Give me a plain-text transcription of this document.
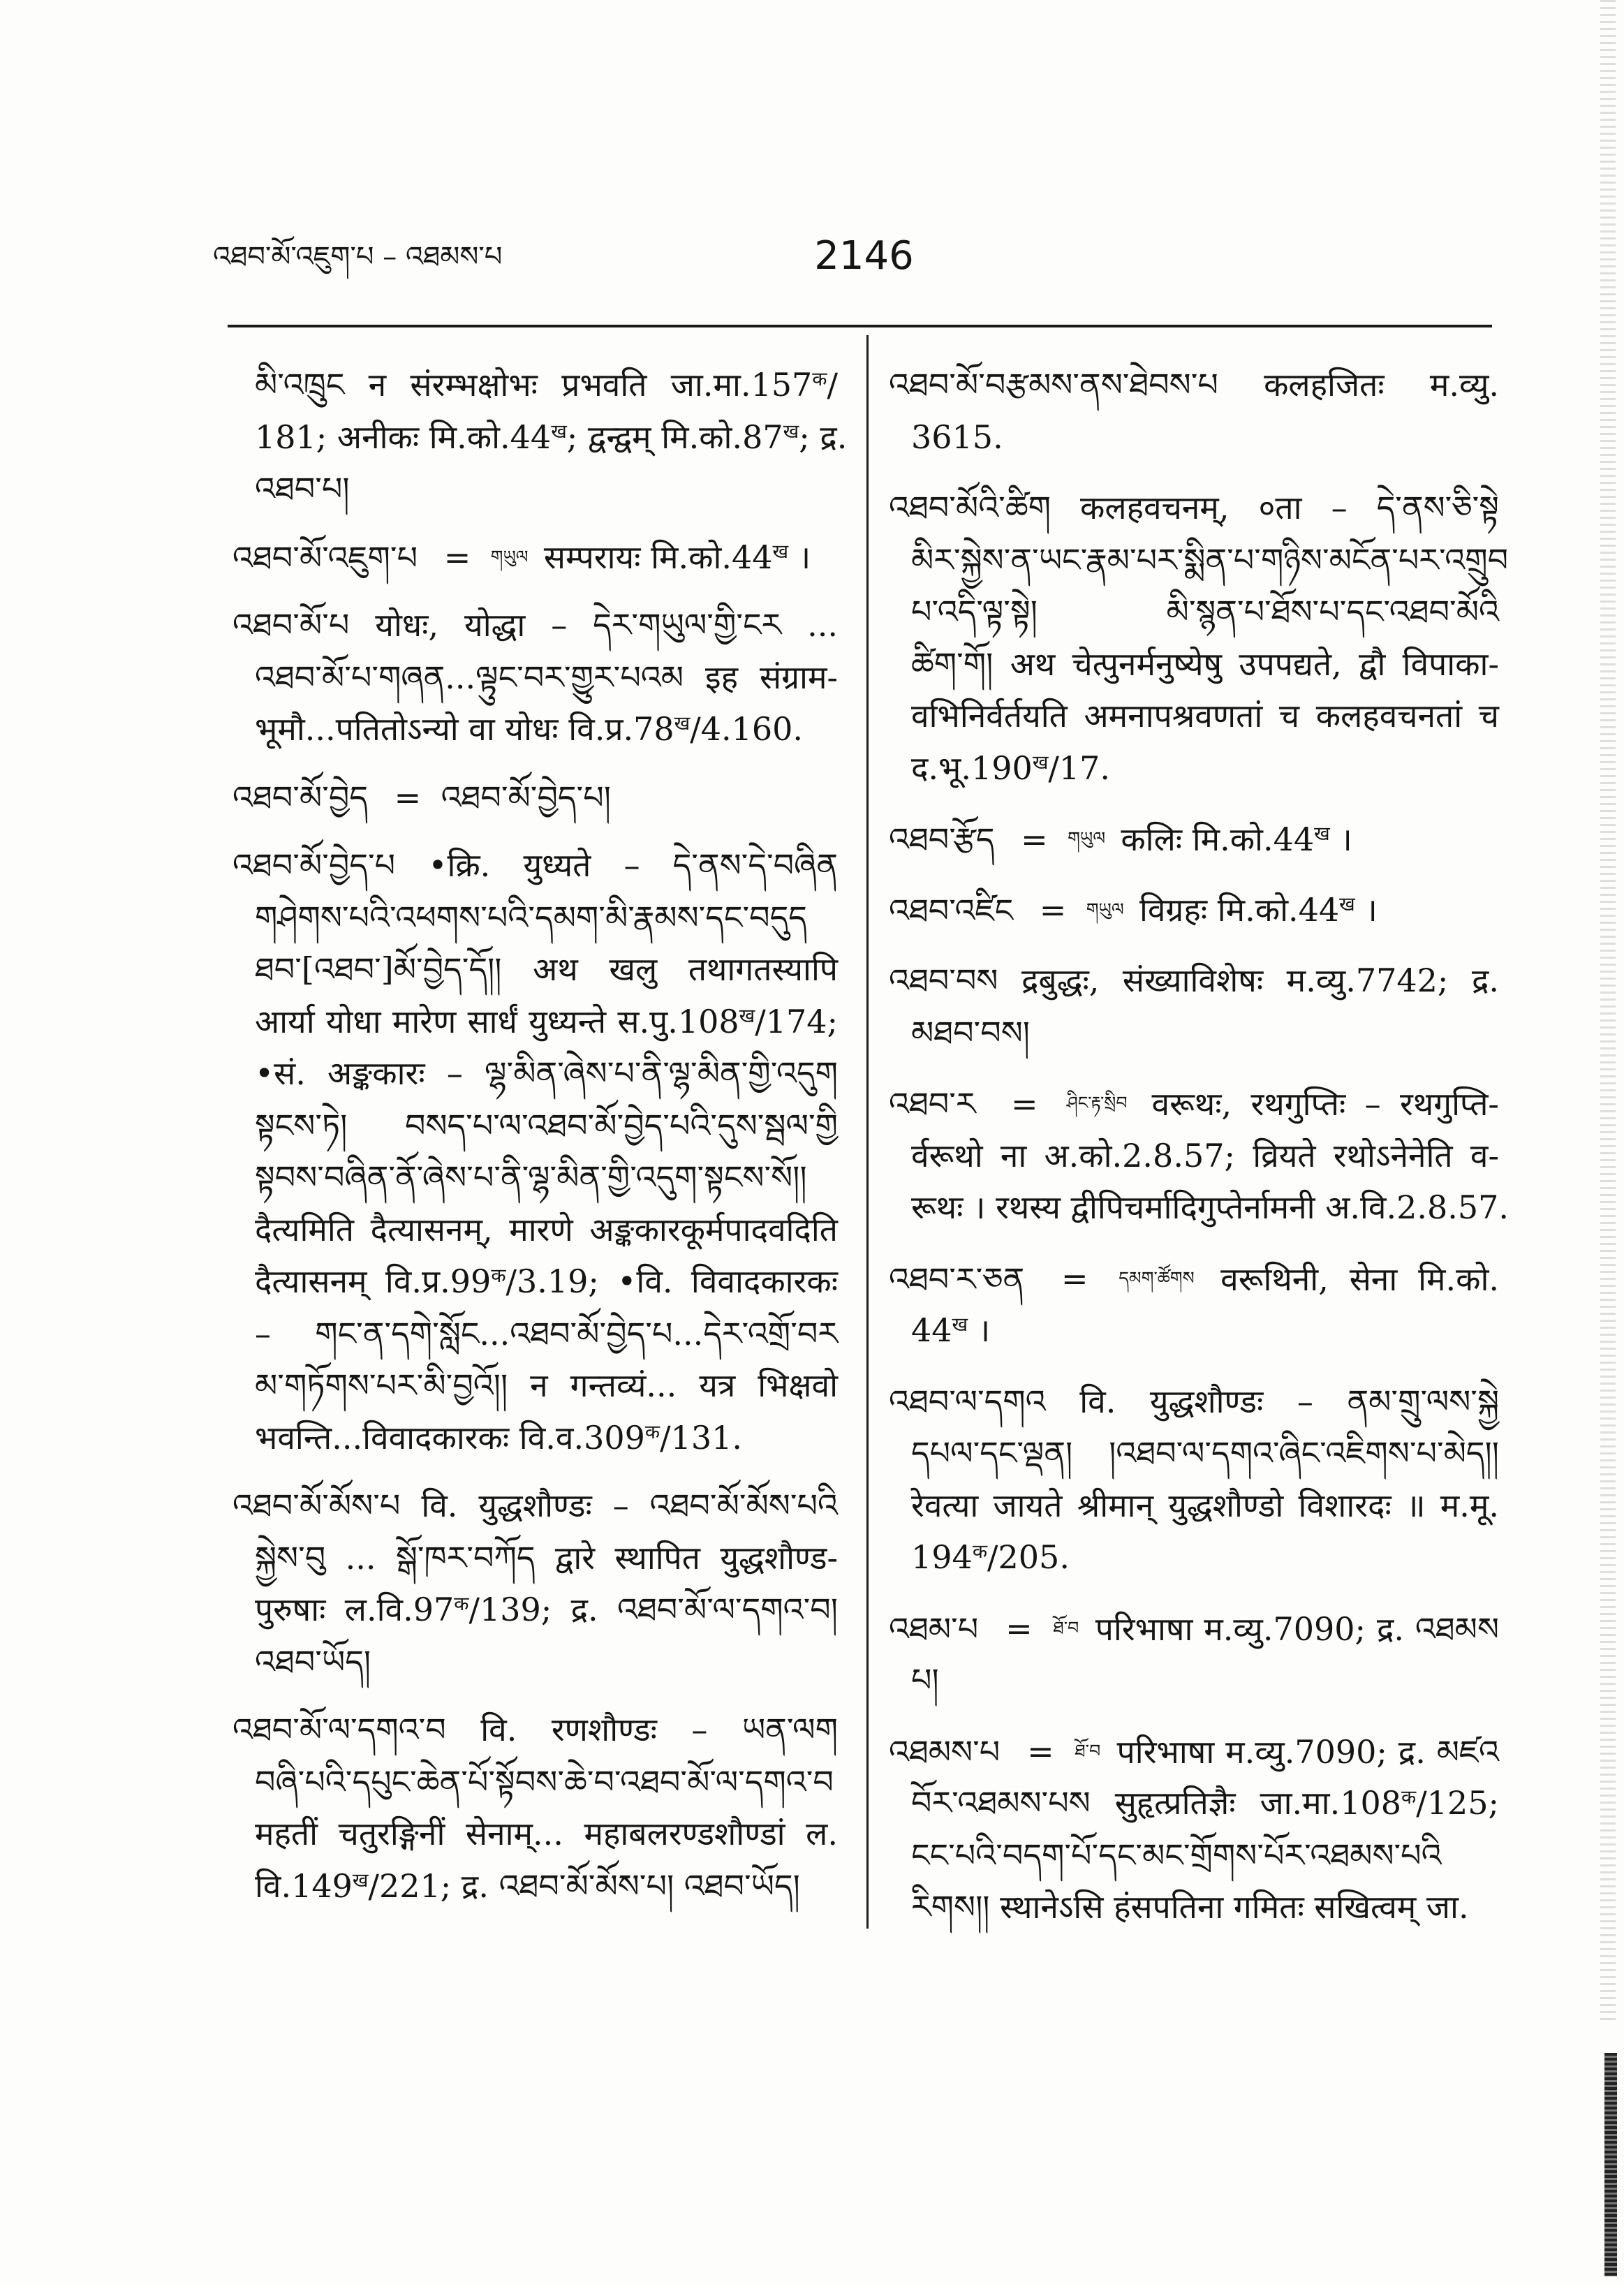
འཐབ་མོ་འཇུག་པ – འཐམས་པ	2146
མི་འཁྲུང न संरम्भक्षोभः प्रभवति $जा.मा.157^क/$
181; अनीकः $मि.को.44^ख$; द्वन्द्वम् $मि.को.87^ख$; द्र.
འཐབ་པ།
འཐབ་མོ་འཇུག་པ = གཡུལ सम्परायः $मि.को.44^ख$ ।
འཐབ་མོ་པ योधः, योद्धा – དེར་གཡུལ་གྱི་ངར ...
འཐབ་མོ་པ་གཞན...ལྟུང་བར་གྱུར་པའམ इह संग्राम-
भूमौ...पतितोऽन्यो वा योधः $वि.प्र.78^ख/4.160$.
འཐབ་མོ་བྱེད = འཐབ་མོ་བྱེད་པ།
འཐབ་མོ་བྱེད་པ •क्रि. युध्यते – དེ་ནས་དེ་བཞིན
གཤེགས་པའི་འཕགས་པའི་དམག་མི་རྣམས་དང་བདུད
ཐབ་[འཐབ་]མོ་བྱེད་དོ།། अथ खलु तथागतस्यापि
आर्या योधा मारेण सार्धं युध्यन्ते $स.पु.108^ख/174$;
•सं. अङ्ककारः – ལྷ་མིན་ཞེས་པ་ནི་ལྷ་མིན་གྱི་འདུག
སྟངས་ཏེ། བསད་པ་ལ་འཐབ་མོ་བྱེད་པའི་དུས་སྦལ་གྱི
སྟབས་བཞིན་ནོ་ཞེས་པ་ནི་ལྷ་མིན་གྱི་འདུག་སྟངས་སོ།།
दैत्यमिति दैत्यासनम्, मारणे अङ्ककारकूर्मपादवदिति
दैत्यासनम् $वि.प्र.99^क/3.19$; •वि. विवादकारकः
– གང་ན་དགེ་སློང...འཐབ་མོ་བྱེད་པ...དེར་འགྲོ་བར
མ་གཏོགས་པར་མི་བྱའོ།། न गन्तव्यं... यत्र भिक्षवो
भवन्ति...विवादकारकः $वि.व.309^क/131$.
འཐབ་མོ་མོས་པ वि. युद्धशौण्डः – འཐབ་མོ་མོས་པའི
སྐྱེས་བུ ... སྒོ་ཁར་བཀོད द्वारे स्थापित युद्धशौण्ड-
पुरुषाः $ल.वि.97^क/139$; द्र. འཐབ་མོ་ལ་དགའ་བ།
འཐབ་ཡོད།
འཐབ་མོ་ལ་དགའ་བ वि. रणशौण्डः – ཡན་ལག
བཞི་པའི་དཔུང་ཆེན་པོ་སྟོབས་ཆེ་བ་འཐབ་མོ་ལ་དགའ་བ
महतीं चतुरङ्गिनीं सेनाम्... महाबलरण्डशौण्डां ल.
$वि.149^ख/221$; द्र. འཐབ་མོ་མོས་པ། འཐབ་ཡོད།
འཐབ་མོ་བརྩམས་ནས་ཐེབས་པ कलहजितः म.व्यु.
3615.
འཐབ་མོའི་ཚིག कलहवचनम्, ०ता – དེ་ནས་ཅི་སྟེ
མིར་སྐྱེས་ན་ཡང་རྣམ་པར་སྨིན་པ་གཉིས་མངོན་པར་འགྲུབ
པ་འདི་ལྟ་སྟེ། མི་སྙན་པ་ཐོས་པ་དང་འཐབ་མོའི
ཚིག་གོ། अथ चेत्पुनर्मनुष्येषु उपपद्यते, द्वौ विपाका-
वभिनिर्वर्तयति अमनापश्रवणतां च कलहवचनतां च
$द.भू.190^ख/17$.
འཐབ་རྩོད = གཡུལ कलिः $मि.को.44^ख$ ।
འཐབ་འཛིང = གཡུལ विग्रहः $मि.को.44^ख$ ।
འཐབ་བས द्रबुद्धः, संख्याविशेषः म.व्यु.7742; द्र.
མཐབ་བས།
འཐབ་ར = ཤིང་རྟ་སྲིབ वरूथः, रथगुप्तिः – रथगुप्ति-
र्वरूथो ना अ.को.2.8.57; व्रियते रथोऽनेनेति व-
रूथः । रथस्य द्वीपिचर्मादिगुप्तेर्नामनी अ.वि.2.8.57.
འཐབ་ར་ཅན = དམག་ཚོགས वरूथिनी, सेना मि.को.
$44^ख$ ।
འཐབ་ལ་དགའ वि. युद्धशौण्डः – ནམ་གྲུ་ལས་སྐྱེ
དཔལ་དང་ལྡན། །འཐབ་ལ་དགའ་ཞིང་འཇིགས་པ་མེད།།
रेवत्या जायते श्रीमान् युद्धशौण्डो विशारदः ॥ म.मू.
$194^क/205$.
འཐམ་པ = ཐོ་བ परिभाषा म.व्यु.7090; द्र. འཐམས
པ།
འཐམས་པ = ཐོ་བ परिभाषा म.व्यु.7090; द्र. མཛའ
བོར་འཐམས་པས सुहृत्प्रतिज्ञैः $जा.मा.108^क/125$;
ངང་པའི་བདག་པོ་དང་མང་གྲོགས་པོར་འཐམས་པའི
རིགས།། स्थानेऽसि हंसपतिना गमितः सखित्वम् जा.
